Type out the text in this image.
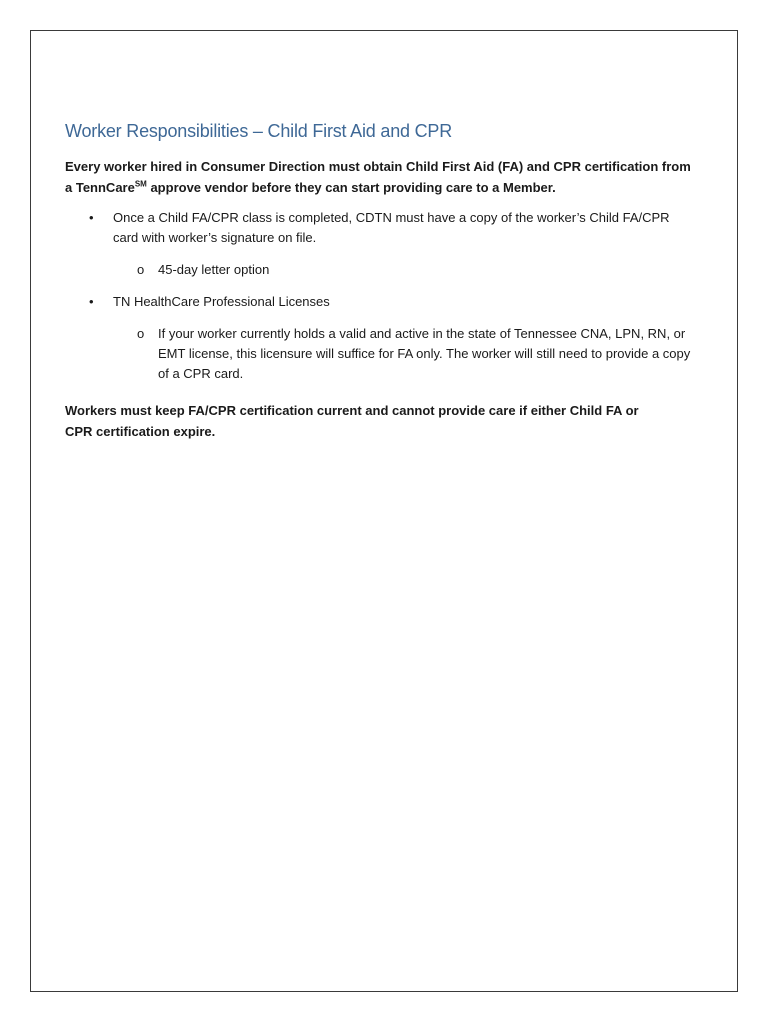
Worker Responsibilities – Child First Aid and CPR

Every worker hired in Consumer Direction must obtain Child First Aid (FA) and CPR certification from a TennCare℠ approve vendor before they can start providing care to a Member.

• Once a Child FA/CPR class is completed, CDTN must have a copy of the worker’s Child FA/CPR card with worker’s signature on file.
o 45-day letter option
• TN HealthCare Professional Licenses
o If your worker currently holds a valid and active in the state of Tennessee CNA, LPN, RN, or EMT license, this licensure will suffice for FA only. The worker will still need to provide a copy of a CPR card.

Workers must keep FA/CPR certification current and cannot provide care if either Child FA or CPR certification expire.
